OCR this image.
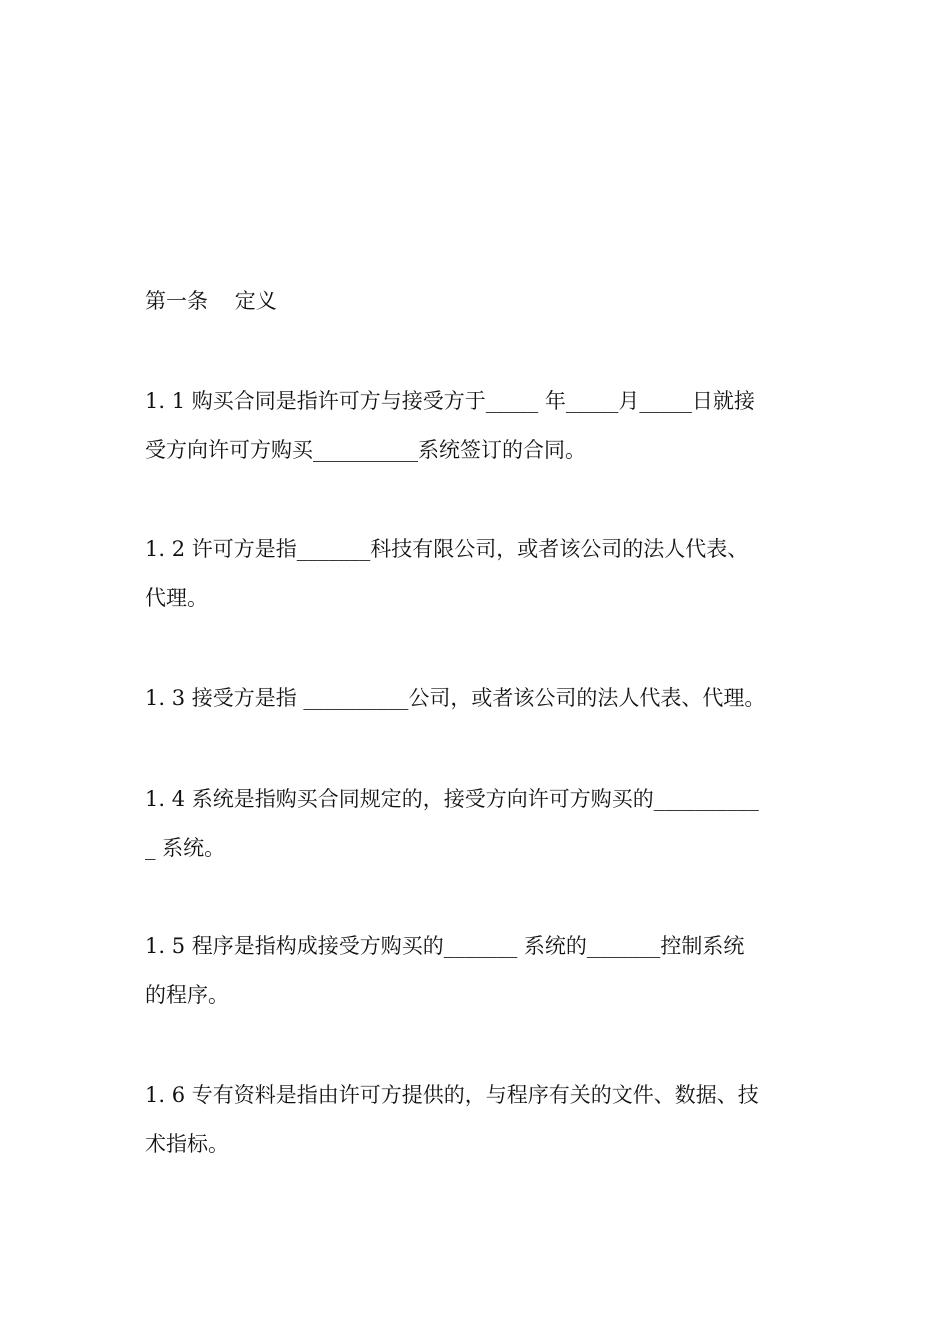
第一条    定义
1. 1 购买合同是指许可方与接受方于_____ 年_____月_____日就接
受方向许可方购买__________系统签订的合同。
1. 2 许可方是指_______科技有限公司，或者该公司的法人代表、
代理。
1. 3 接受方是指 __________公司，或者该公司的法人代表、代理。
1. 4 系统是指购买合同规定的，接受方向许可方购买的__________
_ 系统。
1. 5 程序是指构成接受方购买的_______ 系统的_______控制系统
的程序。
1. 6 专有资料是指由许可方提供的，与程序有关的文件、数据、技
术指标。
